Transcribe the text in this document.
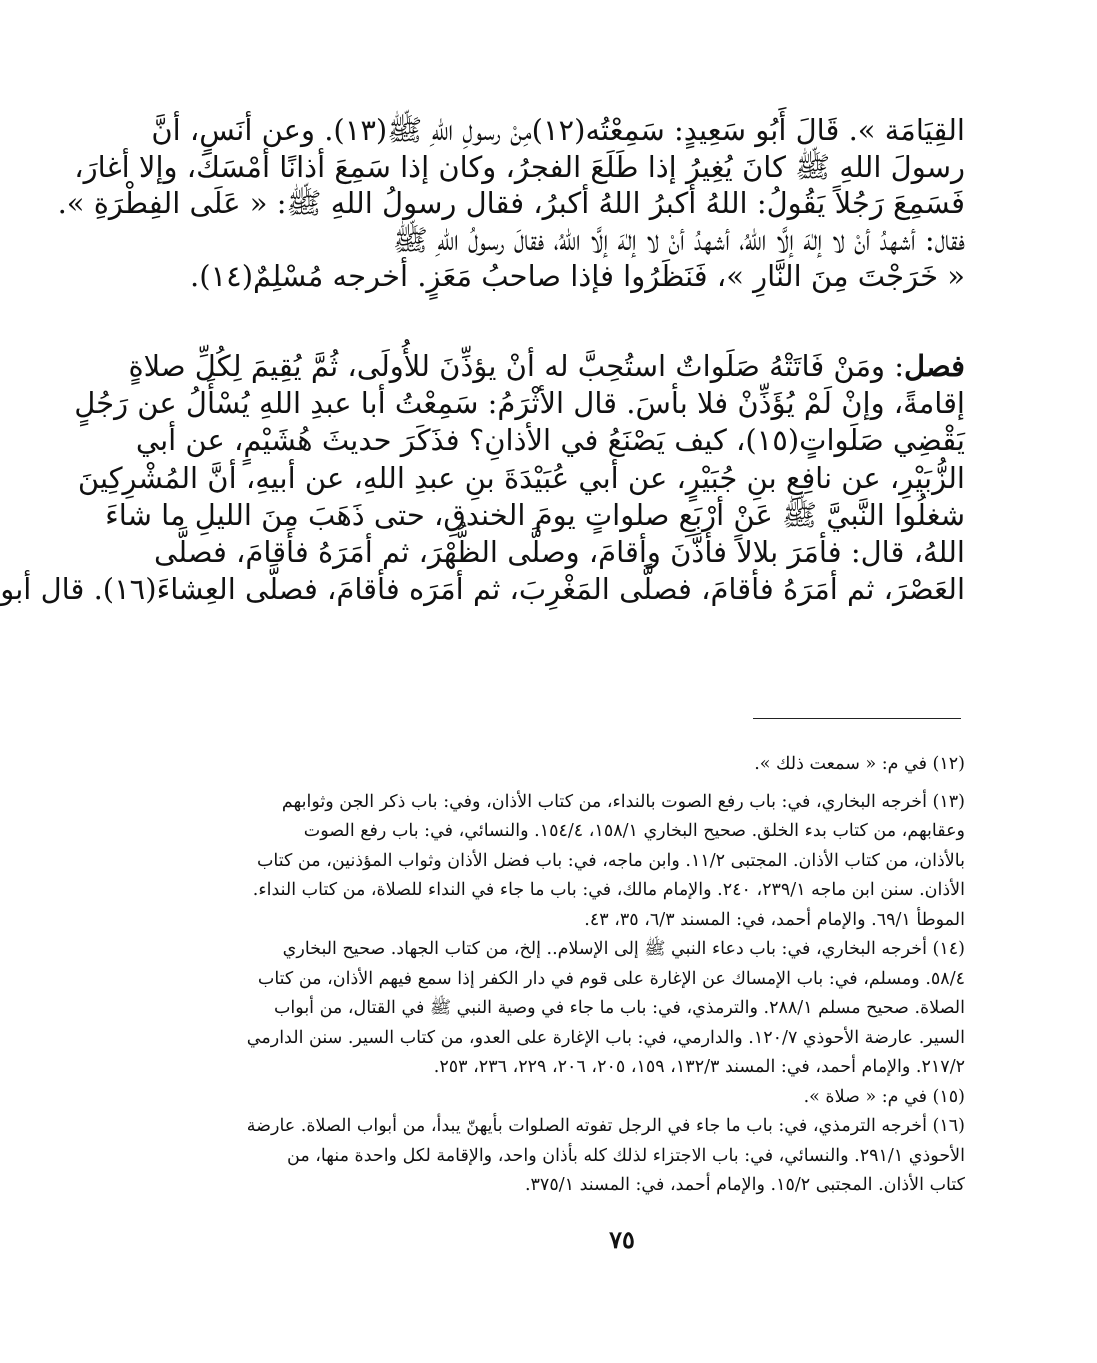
القِيَامَة ». قَالَ أَبُو سَعِيدٍ: سَمِعْتُه(١٢)مِنْ رسولِ اللهِ ﷺ(١٣). وعن أنَسٍ، أنَّ
رسولَ اللهِ ﷺ كانَ يُغِيرُ إذا طَلَعَ الفجرُ، وكان إذا سَمِعَ أذانًا أمْسَكَ، وإلا أغارَ،
فَسَمِعَ رَجُلاً يَقُولُ: اللهُ أكبرُ اللهُ أكبرُ، فقال رسولُ اللهِ ﷺ: « عَلَى الفِطْرَةِ ».
فقال: أشهدُ أنْ لا إلٰهَ إلَّا اللهُ، أشهدُ أنْ لا إلٰهَ إلَّا اللهُ، فقالَ رسولُ اللهِ ﷺ
« خَرَجْتَ مِنَ النَّارِ »، فَنَظَرُوا فإذا صاحبُ مَعَزٍ. أخرجه مُسْلِمٌ(١٤).
فصل: ومَنْ فَاتَتْهُ صَلَواتٌ استُحِبَّ له أنْ يؤذِّنَ للأُولَى، ثُمَّ يُقِيمَ لِكُلِّ صلاةٍ
إقامةً، وإنْ لَمْ يُؤَذِّنْ فلا بأسَ. قال الأثْرَمُ: سَمِعْتُ أبا عبدِ اللهِ يُسْأَلُ عن رَجُلٍ
يَقْضِي صَلَواتٍ(١٥)، كيف يَصْنَعُ في الأذانِ؟ فذَكَرَ حديثَ هُشَيْمٍ، عن أبي
الزُّبَيْرِ، عن نافِعِ بنِ جُبَيْرٍ، عن أبي عُبَيْدَةَ بنِ عبدِ اللهِ، عن أبيهِ، أنَّ المُشْرِكِينَ
شغلُوا النَّبيَّ ﷺ عَنْ أرْبَعِ صلواتٍ يومَ الخندقِ، حتى ذَهَبَ مِنَ الليلِ ما شاءَ
اللهُ، قال: فأمَرَ بلالاً فأذَّنَ وأقامَ، وصلَّى الظُّهْرَ، ثم أمَرَهُ فأقامَ، فصلَّى
العَصْرَ، ثم أمَرَهُ فأقامَ، فصلَّى المَغْرِبَ، ثم أمَرَه فأقامَ، فصلَّى العِشاءَ(١٦). قال أبو
(١٢) في م: « سمعت ذلك ».
(١٣) أخرجه البخاري، في: باب رفع الصوت بالنداء، من كتاب الأذان، وفي: باب ذكر الجن وثوابهم
وعقابهم، من كتاب بدء الخلق. صحيح البخاري ١٥٨/١، ١٥٤/٤. والنسائي، في: باب رفع الصوت
بالأذان، من كتاب الأذان. المجتبى ١١/٢. وابن ماجه، في: باب فضل الأذان وثواب المؤذنين، من كتاب
الأذان. سنن ابن ماجه ٢٣٩/١، ٢٤٠. والإمام مالك، في: باب ما جاء في النداء للصلاة، من كتاب النداء.
الموطأ ٦٩/١. والإمام أحمد، في: المسند ٦/٣، ٣٥، ٤٣.
(١٤) أخرجه البخاري، في: باب دعاء النبي ﷺ إلى الإسلام.. إلخ، من كتاب الجهاد. صحيح البخاري
٥٨/٤. ومسلم، في: باب الإمساك عن الإغارة على قوم في دار الكفر إذا سمع فيهم الأذان، من كتاب
الصلاة. صحيح مسلم ٢٨٨/١. والترمذي، في: باب ما جاء في وصية النبي ﷺ في القتال، من أبواب
السير. عارضة الأحوذي ١٢٠/٧. والدارمي، في: باب الإغارة على العدو، من كتاب السير. سنن الدارمي
٢١٧/٢. والإمام أحمد، في: المسند ١٣٢/٣، ١٥٩، ٢٠٥، ٢٠٦، ٢٢٩، ٢٣٦، ٢٥٣.
(١٥) في م: « صلاة ».
(١٦) أخرجه الترمذي، في: باب ما جاء في الرجل تفوته الصلوات بأيهنّ يبدأ، من أبواب الصلاة. عارضة
الأحوذي ٢٩١/١. والنسائي، في: باب الاجتزاء لذلك كله بأذان واحد، والإقامة لكل واحدة منها، من
كتاب الأذان. المجتبى ١٥/٢. والإمام أحمد، في: المسند ٣٧٥/١.
٧٥
